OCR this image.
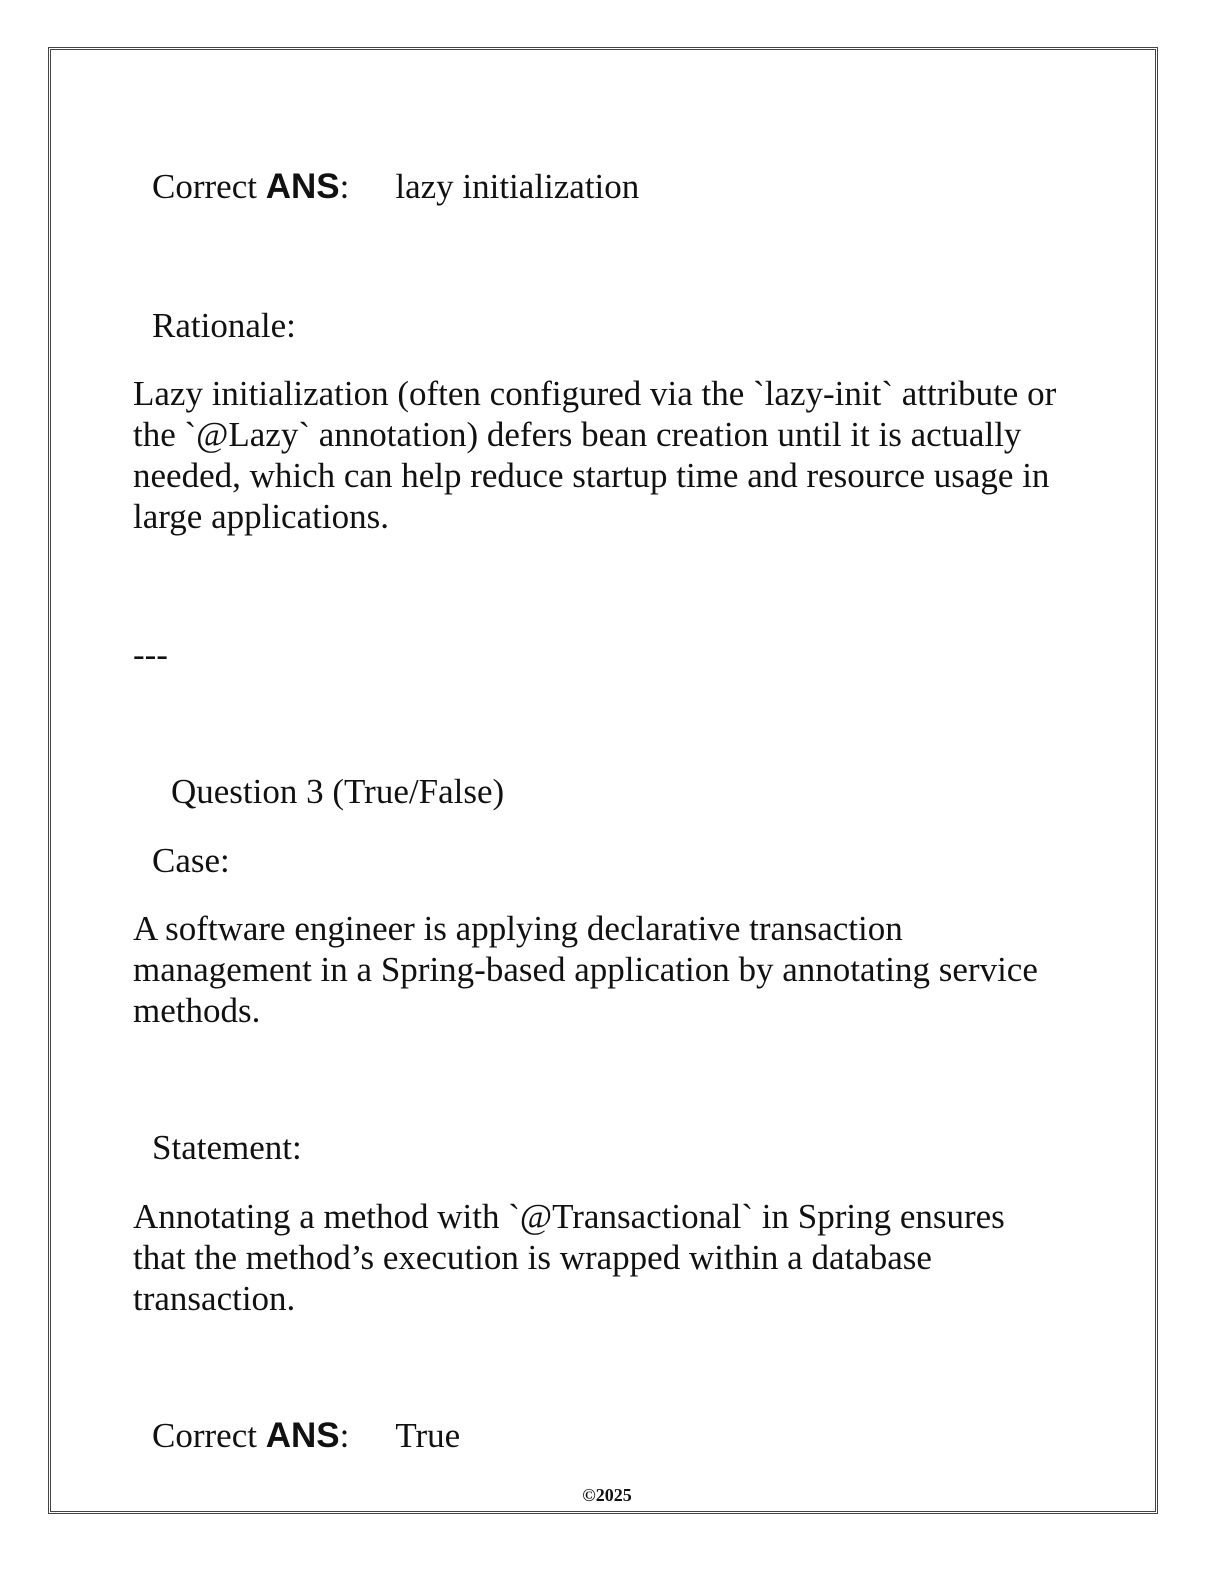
Correct ANS: lazy initialization
Rationale:
Lazy initialization (often configured via the `lazy-init` attribute or
the `@Lazy` annotation) defers bean creation until it is actually
needed, which can help reduce startup time and resource usage in
large applications.
---
Question 3 (True/False)
Case:
A software engineer is applying declarative transaction
management in a Spring-based application by annotating service
methods.
Statement:
Annotating a method with `@Transactional` in Spring ensures
that the method’s execution is wrapped within a database
transaction.
Correct ANS: True
©2025
